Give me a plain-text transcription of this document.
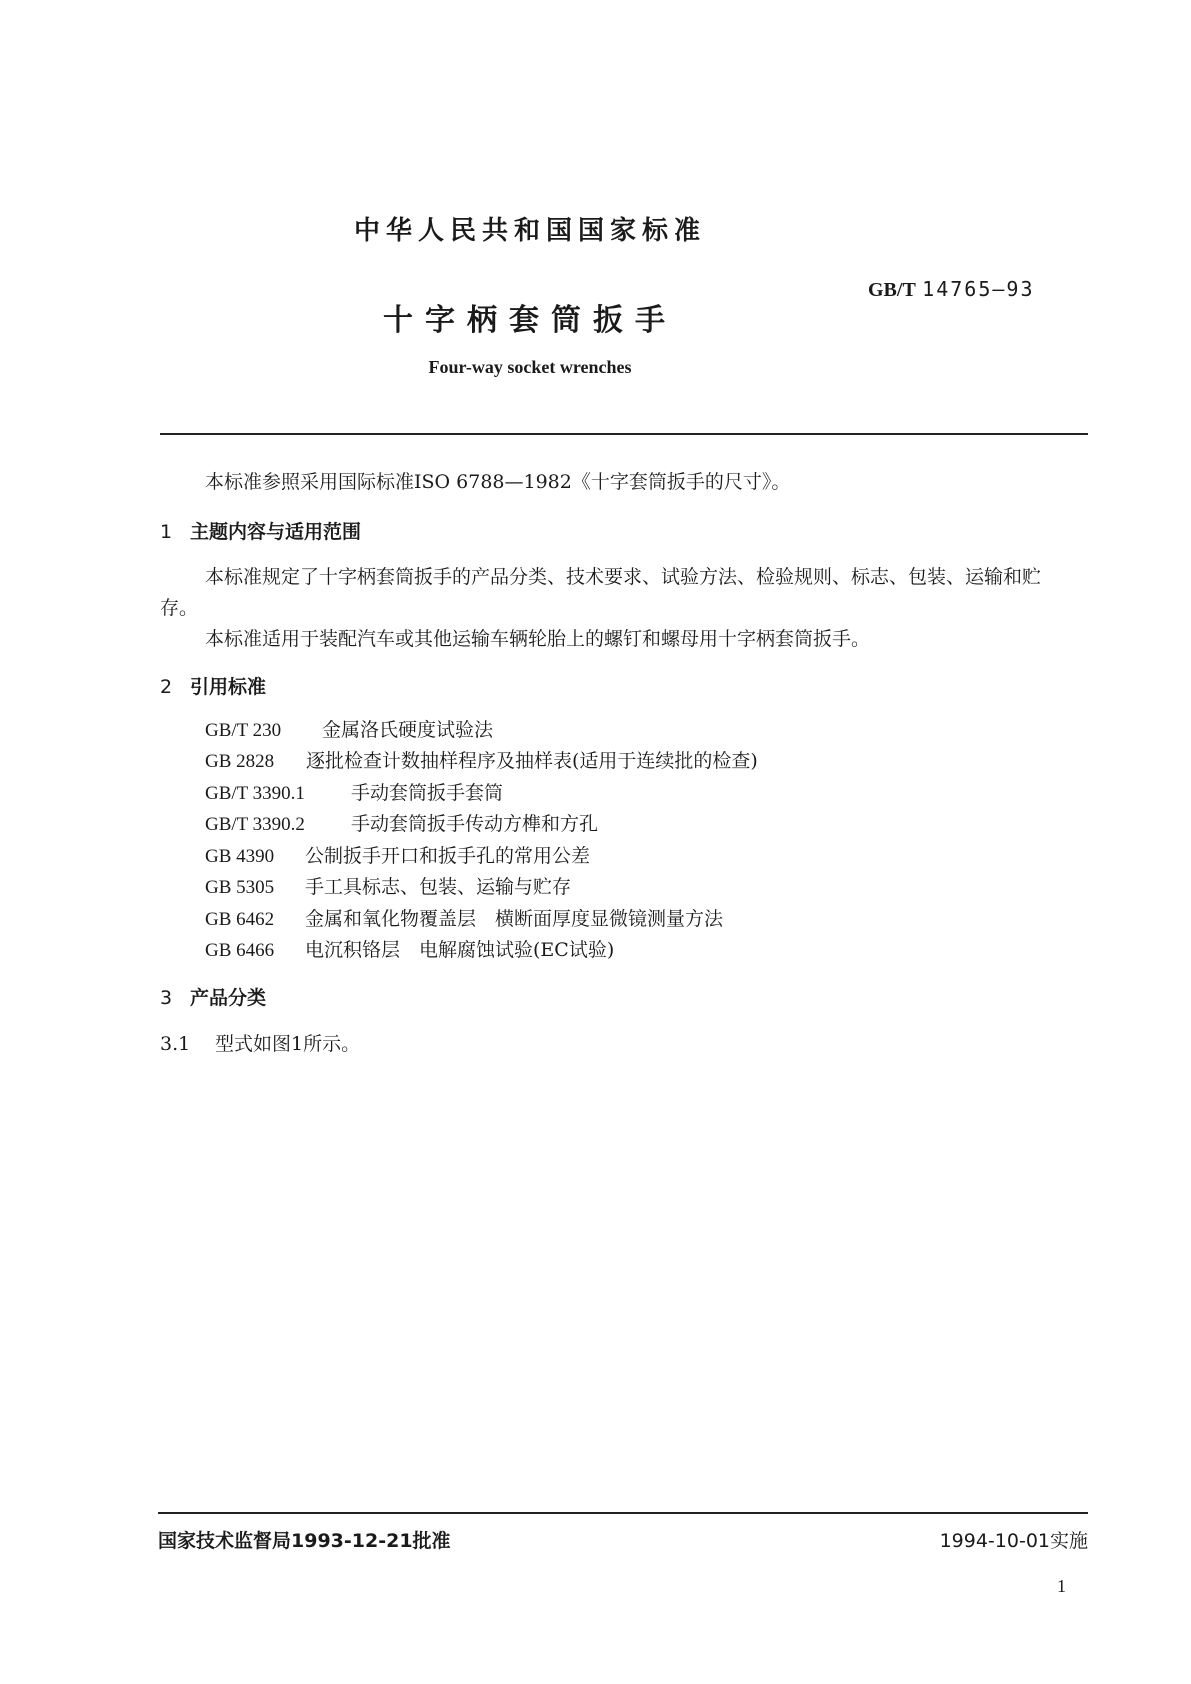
中华人民共和国国家标准
GB/T 14765—93
十字柄套筒扳手
Four-way socket wrenches
本标准参照采用国际标准ISO 6788—1982《十字套筒扳手的尺寸》。
1 主题内容与适用范围
本标准规定了十字柄套筒扳手的产品分类、技术要求、试验方法、检验规则、标志、包装、运输和贮
存。
本标准适用于装配汽车或其他运输车辆轮胎上的螺钉和螺母用十字柄套筒扳手。
2 引用标准
GB/T 230 金属洛氏硬度试验法
GB 2828 逐批检查计数抽样程序及抽样表(适用于连续批的检查)
GB/T 3390.1 手动套筒扳手套筒
GB/T 3390.2 手动套筒扳手传动方榫和方孔
GB 4390 公制扳手开口和扳手孔的常用公差
GB 5305 手工具标志、包装、运输与贮存
GB 6462 金属和氧化物覆盖层　横断面厚度显微镜测量方法
GB 6466 电沉积铬层　电解腐蚀试验(EC试验)
3 产品分类
3.1 型式如图1所示。
国家技术监督局1993-12-21批准	1994-10-01实施
1
